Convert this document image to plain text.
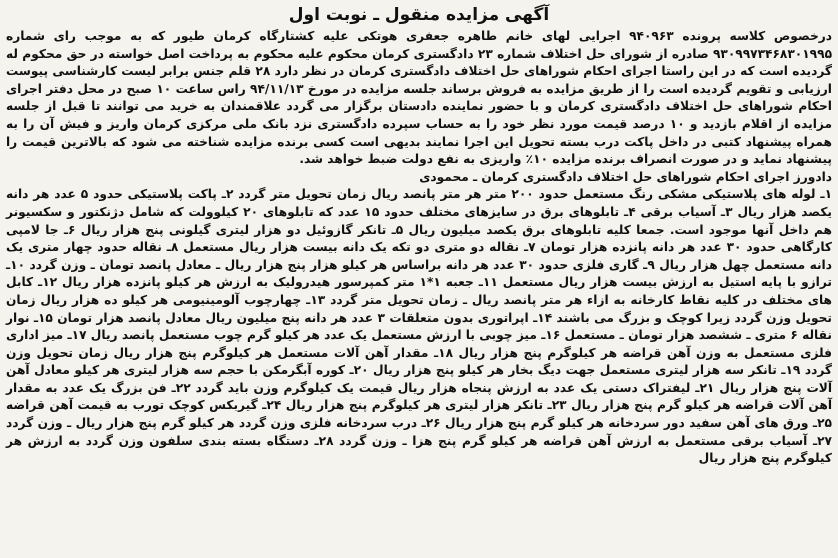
آگهی مزایده منقول ـ نوبت اول

درخصوص کلاسه پرونده ۹۴۰۹۶۳ اجرایی لهای خانم طاهره جعفری هوتکی علیه کشتارگاه کرمان طیور که به موجب رای شماره ۹۳۰۹۹۷۳۴۶۸۳۰۱۹۹۵ صادره از شورای حل اختلاف شماره ۲۳ دادگستری کرمان محکوم علیه محکوم به پرداخت اصل خواسته در حق محکوم له گردیده است که در این راستا اجرای احکام شوراهای حل اختلاف دادگستری کرمان در نظر دارد ۲۸ قلم جنس برابر لیست کارشناسی پیوست ارزیابی و تقویم گردیده است را از طریق مزایده به فروش برساند جلسه مزایده در مورخ ۹۴/۱۱/۱۳ راس ساعت ۱۰ صبح در محل دفتر اجرای احکام شوراهای حل اختلاف دادگستری کرمان و با حضور نماینده دادستان برگزار می گردد علاقمندان به خرید می توانند تا قبل از جلسه مزایده از اقلام بازدید و ۱۰ درصد قیمت مورد نظر خود را به حساب سپرده دادگستری نزد بانک ملی مرکزی کرمان واریز و فیش آن را به همراه پیشنهاد کتبی در داخل پاکت درب بسته تحویل این اجرا نمایند بدیهی است کسی برنده مزایده شناخته می شود که بالاترین قیمت را پیشنهاد نماید و در صورت انصراف برنده مزایده ۱۰٪ واریزی به نفع دولت ضبط خواهد شد.

دادورز اجرای احکام شوراهای حل اختلاف دادگستری کرمان ـ محمودی

۱ـ لوله های پلاستیکی مشکی رنگ مستعمل حدود ۲۰۰ متر هر متر پانصد ریال زمان تحویل متر گردد ۲ـ پاکت پلاستیکی حدود ۵ عدد هر دانه یکصد هزار ریال ۳ـ آسیاب برقی ۴ـ تابلوهای برق در سایزهای مختلف حدود ۱۵ عدد که تابلوهای ۲۰ کیلوولت که شامل دژنکتور و سکسیونر هم داخل آنها موجود است. جمعا کلیه تابلوهای برق یکصد میلیون ریال ۵ـ تانکر گازوئیل دو هزار لیتری گیلونی پنج هزار ریال ۶ـ جا لامپی کارگاهی حدود ۳۰ عدد هر دانه پانزده هزار تومان ۷ـ نقاله دو متری دو تکه یک دانه بیست هزار ریال مستعمل ۸ـ نقاله حدود چهار متری یک دانه مستعمل چهل هزار ریال ۹ـ گاری فلزی حدود ۳۰ عدد هر دانه براساس هر کیلو هزار پنج هزار ریال ـ معادل پانصد تومان ـ وزن گردد ۱۰ـ ترازو با پایه استیل به ارزش بیست هزار ریال مستعمل ۱۱ـ جعبه ۱*۱ متر کمپرسور هیدرولیک به ارزش هر کیلو پانزده هزار ریال ۱۲ـ کابل های مختلف در کلیه نقاط کارخانه به ازاء هر متر پانصد ریال ـ زمان تحویل متر گردد ۱۳ـ چهارچوب آلومینیومی هر کیلو ده هزار ریال زمان تحویل وزن گردد زیرا کوچک و بزرگ می باشند ۱۴ـ اپراتوری بدون متعلقات ۳ عدد هر دانه پنج میلیون ریال معادل پانصد هزار تومان ۱۵ـ نوار نقاله ۶ متری ـ ششصد هزار تومان ـ مستعمل ۱۶ـ میز چوبی با ارزش مستعمل یک عدد هر کیلو گرم چوب مستعمل پانصد ریال ۱۷ـ میز اداری فلزی مستعمل به وزن آهن قراضه هر کیلوگرم پنج هزار ریال ۱۸ـ مقدار آهن آلات مستعمل هر کیلوگرم پنج هزار ریال زمان تحویل وزن گردد ۱۹ـ تانکر سه هزار لیتری مستعمل جهت دیگ بخار هر کیلو پنج هزار ریال ۲۰ـ کوره آبگرمکن با حجم سه هزار لیتری هر کیلو معادل آهن آلات پنج هزار ریال ۲۱ـ لیفتراک دستی یک عدد به ارزش پنجاه هزار ریال قیمت یک کیلوگرم وزن باید گردد ۲۲ـ فن بزرگ یک عدد به مقدار آهن آلات قراضه هر کیلو گرم پنج هزار ریال ۲۳ـ تانکر هزار لیتری هر کیلوگرم پنج هزار ریال ۲۴ـ گیربکس کوچک تورب به قیمت آهن قراضه ۲۵ـ ورق های آهن سفید دور سردخانه هر کیلو گرم پنج هزار ریال ۲۶ـ درب سردخانه فلزی وزن گردد هر کیلو گرم پنج هزار ریال ـ وزن گردد ۲۷ـ آسیاب برقی مستعمل به ارزش آهن قراضه هر کیلو گرم پنج هزا ـ وزن گردد ۲۸ـ دستگاه بسته بندی سلفون وزن گردد به ارزش هر کیلوگرم پنج هزار ریال
